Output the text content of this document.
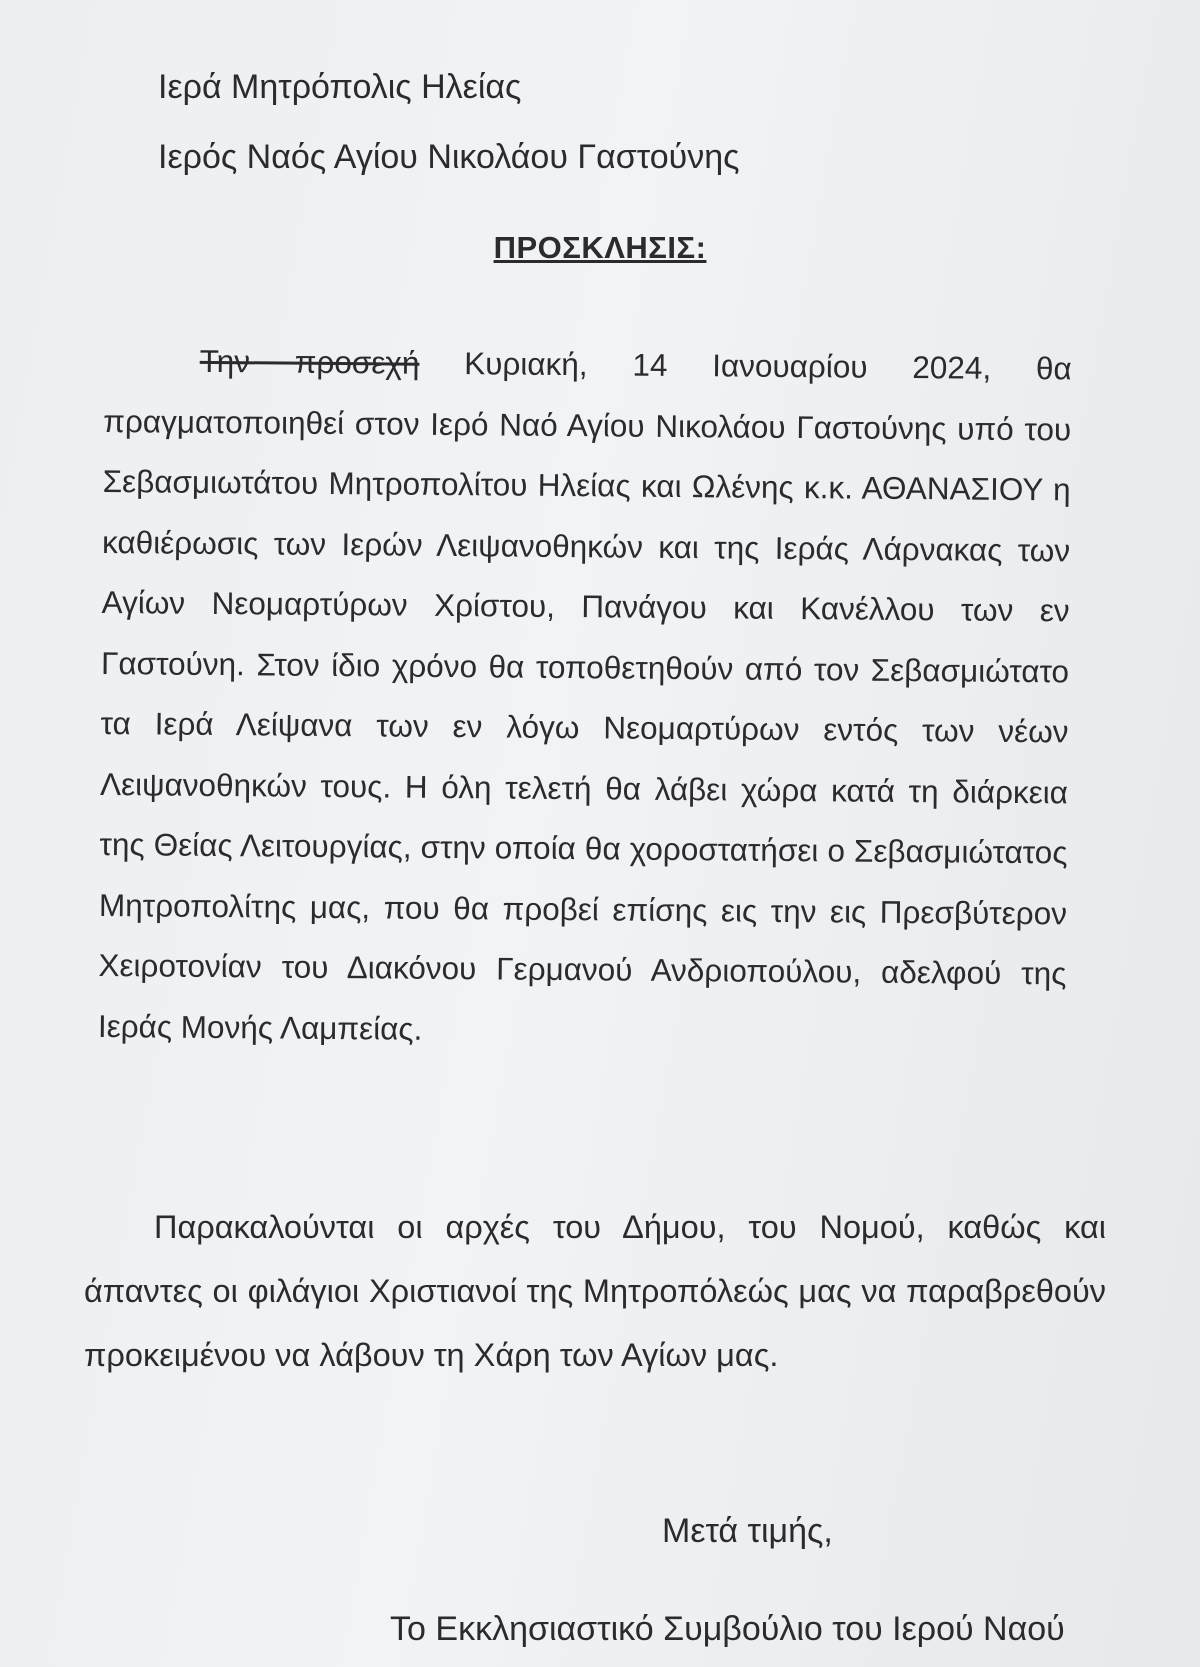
Ιερά Μητρόπολις Ηλείας
Ιερός Ναός Αγίου Νικολάου Γαστούνης
ΠΡΟΣΚΛΗΣΙΣ:

Την προσεχή Κυριακή, 14 Ιανουαρίου 2024, θα πραγματοποιηθεί στον Ιερό Ναό Αγίου Νικολάου Γαστούνης υπό του Σεβασμιωτάτου Μητροπολίτου Ηλείας και Ωλένης κ.κ. ΑΘΑΝΑΣΙΟΥ η καθιέρωσις των Ιερών Λειψανοθηκών και της Ιεράς Λάρνακας των Αγίων Νεομαρτύρων Χρίστου, Πανάγου και Κανέλλου των εν Γαστούνη. Στον ίδιο χρόνο θα τοποθετηθούν από τον Σεβασμιώτατο τα Ιερά Λείψανα των εν λόγω Νεομαρτύρων εντός των νέων Λειψανοθηκών τους. Η όλη τελετή θα λάβει χώρα κατά τη διάρκεια της Θείας Λειτουργίας, στην οποία θα χοροστατήσει ο Σεβασμιώτατος Μητροπολίτης μας, που θα προβεί επίσης εις την εις Πρεσβύτερον Χειροτονίαν του Διακόνου Γερμανού Ανδριοπούλου, αδελφού της Ιεράς Μονής Λαμπείας.

Παρακαλούνται οι αρχές του Δήμου, του Νομού, καθώς και άπαντες οι φιλάγιοι Χριστιανοί της Μητροπόλεώς μας να παραβρεθούν προκειμένου να λάβουν τη Χάρη των Αγίων μας.

Μετά τιμής,
Το Εκκλησιαστικό Συμβούλιο του Ιερού Ναού
